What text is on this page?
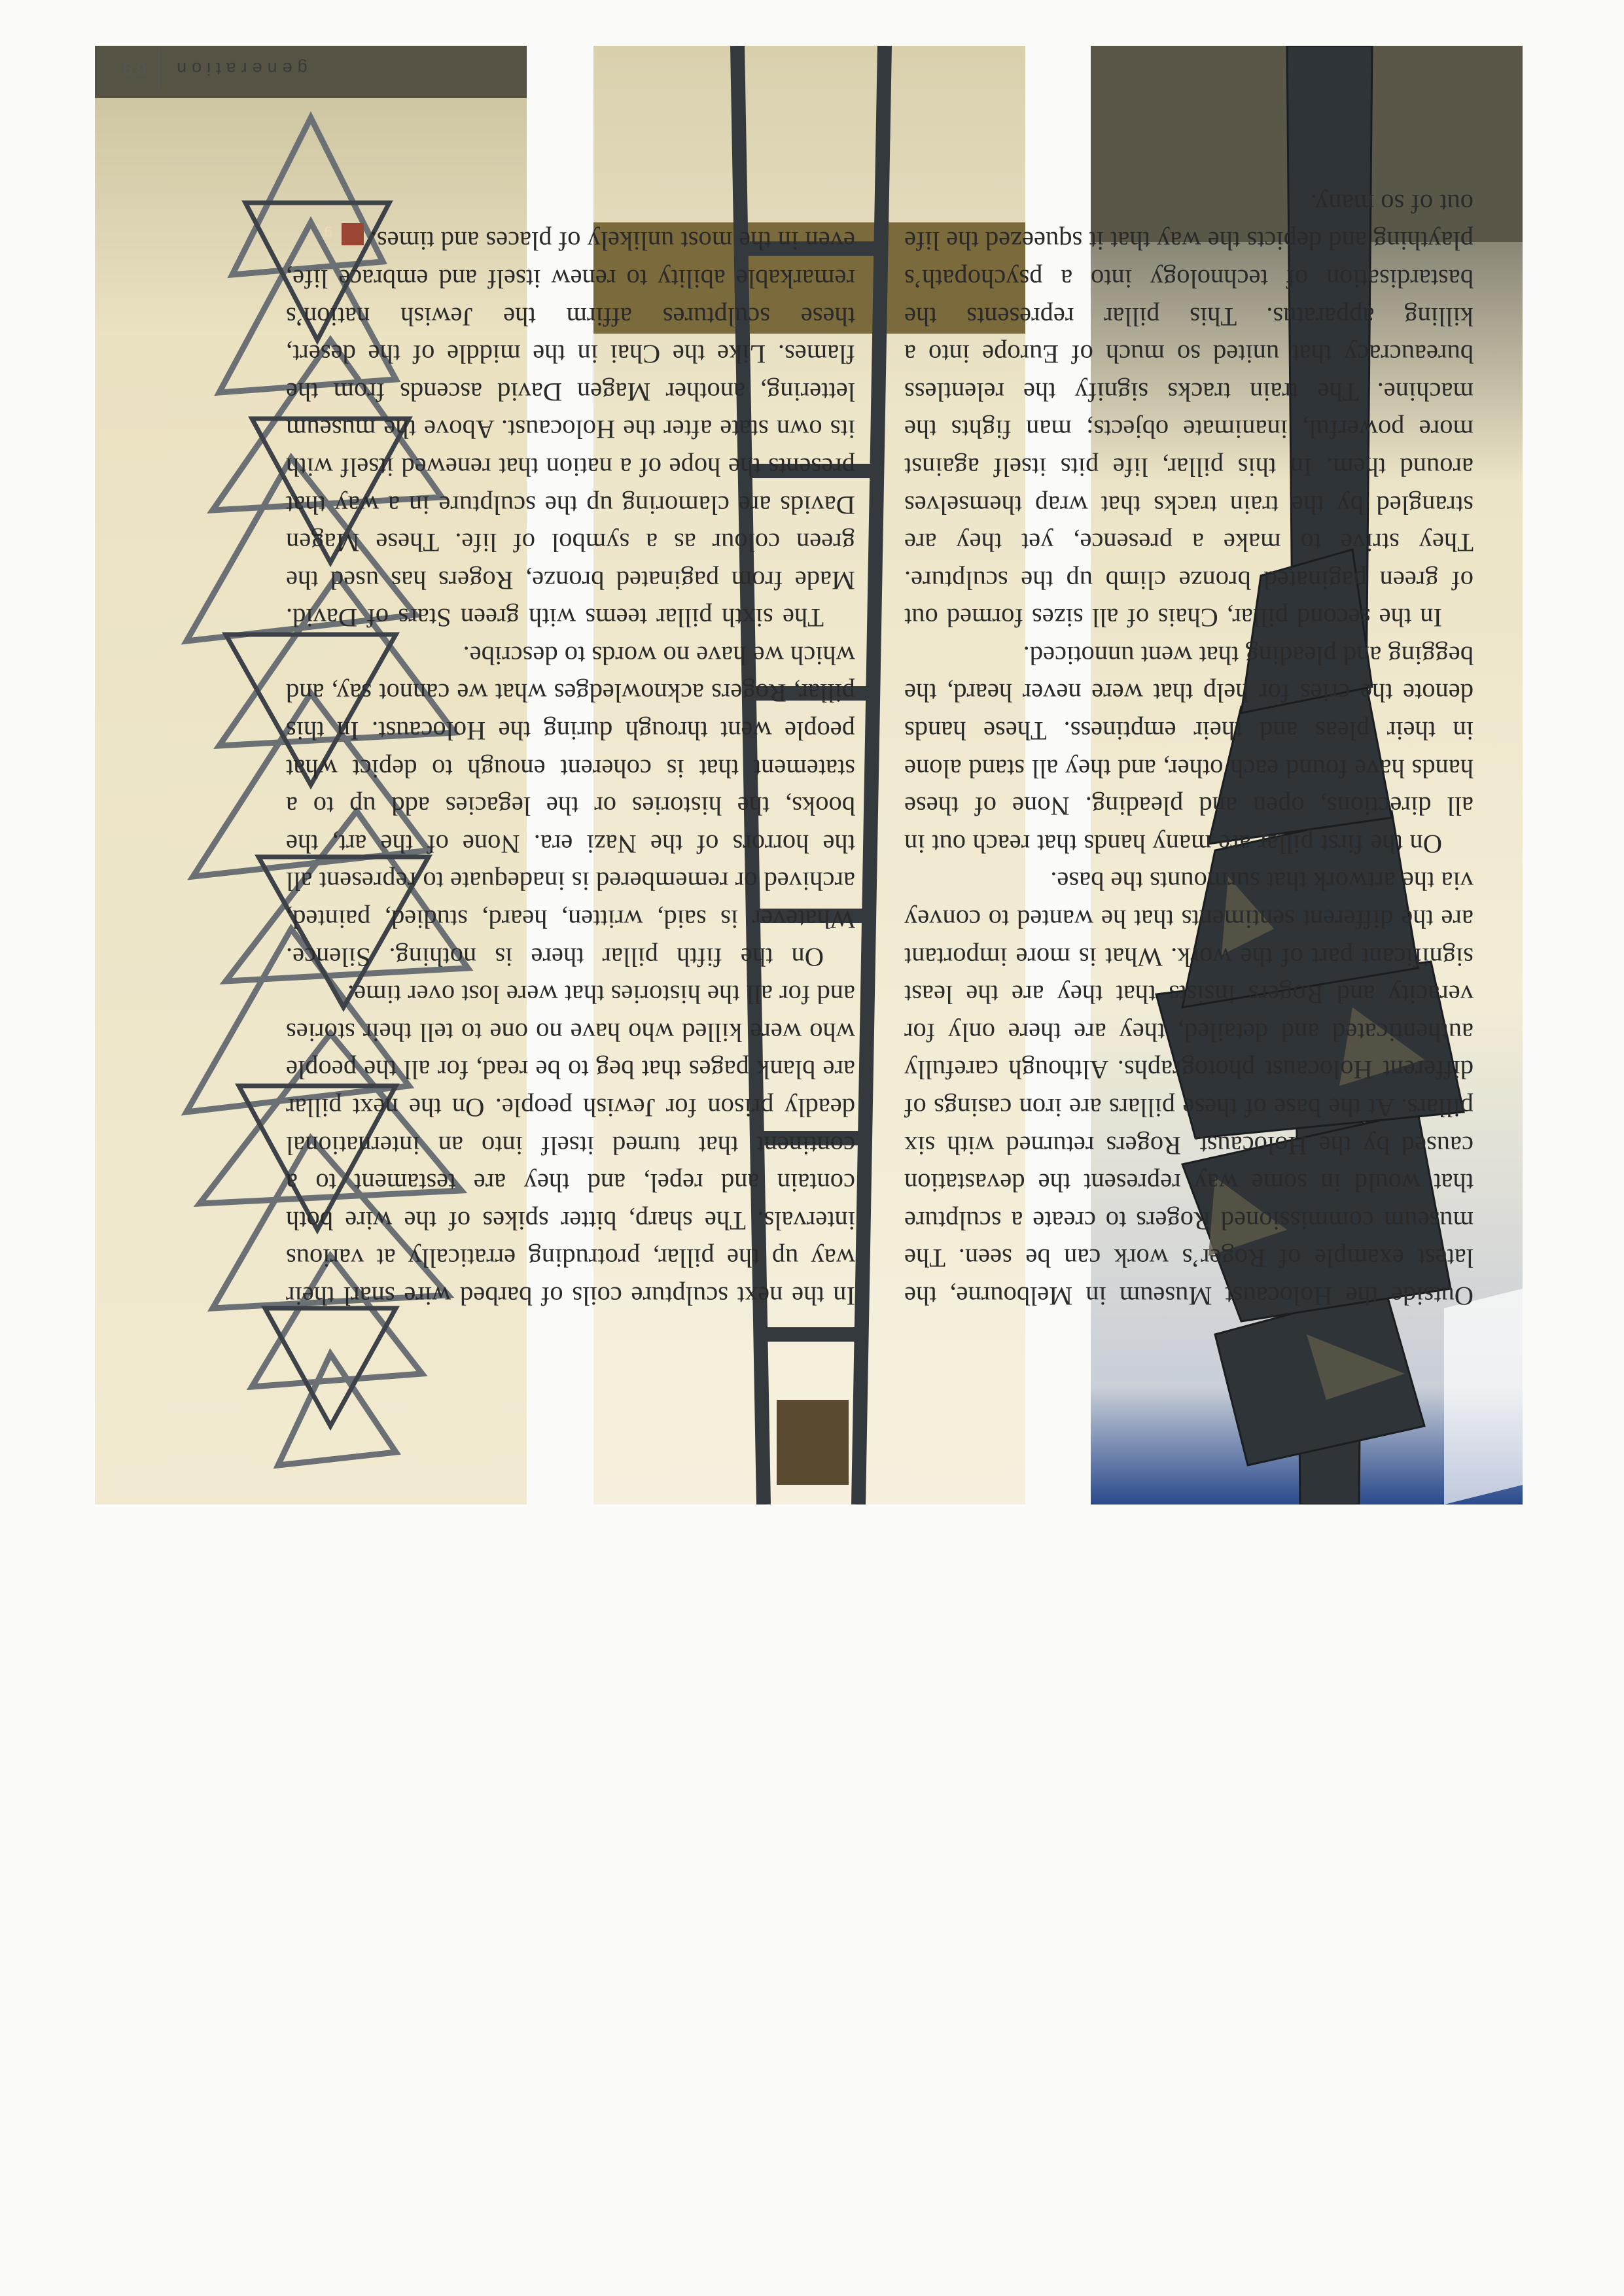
Outside the Holocaust Museum in Melbourne, the latest example of Roger’s work can be seen. The museum commissioned Rogers to create a sculpture that would in some way represent the devastation caused by the Holocaust. Rogers returned with six pillars. At the base of these pillars are iron casings of different Holocaust photographs. Although carefully authenticated and detailed, they are there only for veracity and Rogers insists that they are the least significant part of the work. What is more important are the different sentiments that he wanted to convey via the artwork that surmounts the base.

On the first pillar are many hands that reach out in all directions, open and pleading. None of these hands have found each other, and they all stand alone in their pleas and their emptiness. These hands denote the cries for help that were never heard, the begging and pleading that went unnoticed.

In the second pillar, Chais of all sizes formed out of green paginated bronze climb up the sculpture. They strive to make a presence, yet they are strangled by the train tracks that wrap themselves around them. In this pillar, life pits itself against more powerful, inanimate objects; man fights the machine. The train tracks signify the relentless bureaucracy that united so much of Europe into a killing apparatus. This pillar represents the bastardisation of technology into a psychopath’s plaything and depicts the way that it squeezed the life out of so many.

In the next sculpture coils of barbed wire snarl their way up the pillar, protruding erratically at various intervals. The sharp, bitter spikes of the wire both contain and repel, and they are testament to a continent that turned itself into an international deadly prison for Jewish people. On the next pillar are blank pages that beg to be read, for all the people who were killed who have no one to tell their stories and for all the histories that were lost over time.

On the fifth pillar there is nothing. Silence. Whatever is said, written, heard, studied, painted, archived or remembered is inadequate to represent all the horrors of the Nazi era. None of the art, the books, the histories or the legacies add up to a statement that is coherent enough to depict what people went through during the Holocaust. In this pillar, Rogers acknowledges what we cannot say, and which we have no words to describe.

The sixth pillar teems with green Stars of David. Made from paginated bronze, Rogers has used the green colour as a symbol of life. These Magen Davids are clamoring up the sculpture in a way that presents the hope of a nation that renewed itself with its own state after the Holocaust. Above the museum lettering, another Magen David ascends from the flames. Like the Chai in the middle of the desert, these sculptures affirm the Jewish nation’s remarkable ability to renew itself and embrace life, even in the most unlikely of places and times.g

generation
69
